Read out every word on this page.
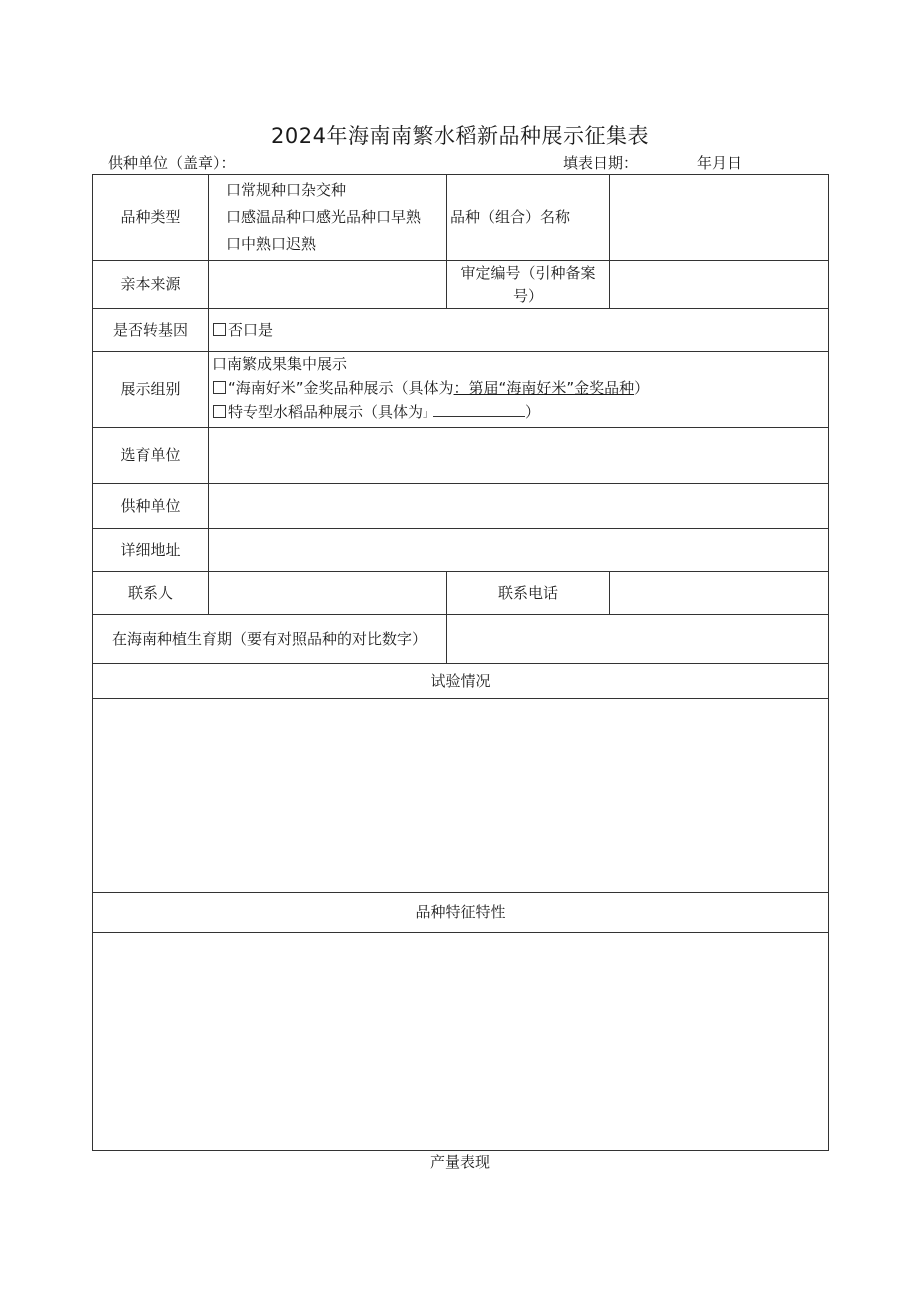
2024年海南南繁水稻新品种展示征集表
供种单位（盖章）：	填表日期：	年月日
品种类型	口常规种口杂交种
口感温品种口感光品种口早熟
口中熟口迟熟	品种（组合）名称	
亲本来源		审定编号（引种备案号）	
是否转基因	否口是		
展示组别	口南繁成果集中展示
“海南好米”金奖品种展示（具体为：第届“海南好米”金奖品种）
特专型水稻品种展示（具体为」 ）		

选育单位			
供种单位			
详细地址			
联系人		联系电话	
在海南种植生育期（要有对照品种的对比数字）			
试验情况			

品种特征特性			

产量表现
